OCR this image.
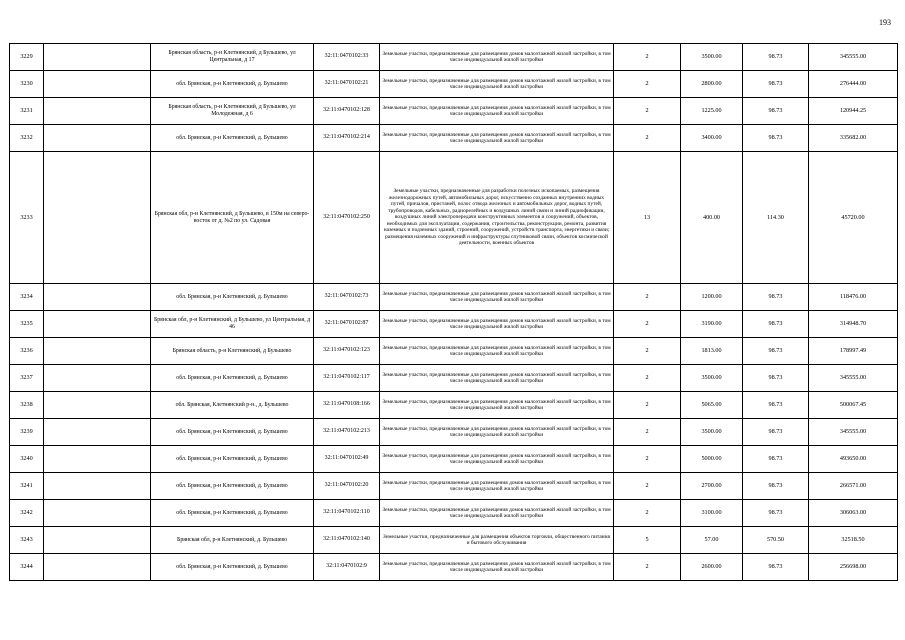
193
3229		Брянская область, р-н Клетнянский, д Бульшево, ул Центральная, д 17	32:11:0470102:33	Земельные участки, предназначенные для размещения домов малоэтажной жилой застройки, в том числе индивидуальной жилой застройки	2	3500.00	98.73	345555.00
3230		обл. Брянская, р-н Клетнянский, д. Бульшево	32:11:0470102:21	Земельные участки, предназначенные для размещения домов малоэтажной жилой застройки, в том числе индивидуальной жилой застройки	2	2800.00	98.73	276444.00
3231		Брянская область, р-н Клетнянский, д Бульшево, ул Молодежная, д 6	32:11:0470102:128	Земельные участки, предназначенные для размещения домов малоэтажной жилой застройки, в том числе индивидуальной жилой застройки	2	1225.00	98.73	120944.25
3232		обл. Брянская, р-н Клетнянский, д. Бульшево	32:11:0470102:214	Земельные участки, предназначенные для размещения домов малоэтажной жилой застройки, в том числе индивидуальной жилой застройки	2	3400.00	98.73	335682.00
3233		Брянская обл, р-н Клетнянский, д Бульшево, в 150м на северо-восток от д. №2 по ул. Садовая	32:11:0470102:250	Земельные участки, предназначенные для разработки полезных ископаемых, размещения железнодорожных путей, автомобильных дорог, искусственно созданных внутренних водных путей, причалов, пристаней, полос отвода железных и автомобильных дорог, водных путей, трубопроводов, кабельных, радиорелейных и воздушных линий связи и линий радиофикации, воздушных линий электропередачи конструктивных элементов и сооружений, объектов, необходимых для эксплуатации, содержания, строительства, реконструкции, ремонта, развития наземных и подземных зданий, строений, сооружений, устройств транспорта, энергетики и связи; размещения наземных сооружений и инфраструктуры спутниковой связи, объектов космической деятельности, военных объектов	13	400.00	114.30	45720.00
3234		обл. Брянская, р-н Клетнянский, д. Бульшево	32:11:0470102:73	Земельные участки, предназначенные для размещения домов малоэтажной жилой застройки, в том числе индивидуальной жилой застройки	2	1200.00	98.73	118476.00
3235		Брянская обл, р-н Клетнянский, д Бульшево, ул Центральная, д 46	32:11:0470102:87	Земельные участки, предназначенные для размещения домов малоэтажной жилой застройки, в том числе индивидуальной жилой застройки	2	3190.00	98.73	314948.70
3236		Брянская область, р-н Клетнянский, д Бульшево	32:11:0470102:123	Земельные участки, предназначенные для размещения домов малоэтажной жилой застройки, в том числе индивидуальной жилой застройки	2	1813.00	98.73	178997.49
3237		обл. Брянская, р-н Клетнянский, д. Бульшево	32:11:0470102:117	Земельные участки, предназначенные для размещения домов малоэтажной жилой застройки, в том числе индивидуальной жилой застройки	2	3500.00	98.73	345555.00
3238		обл. Брянская, Клетнянский р-н., д. Бульшево	32:11:0470108:166	Земельные участки, предназначенные для размещения домов малоэтажной жилой застройки, в том числе индивидуальной жилой застройки	2	5065.00	98.73	500067.45
3239		обл. Брянская, р-н Клетнянский, д. Бульшево	32:11:0470102:213	Земельные участки, предназначенные для размещения домов малоэтажной жилой застройки, в том числе индивидуальной жилой застройки	2	3500.00	98.73	345555.00
3240		обл. Брянская, р-н Клетнянский, д. Бульшево	32:11:0470102:49	Земельные участки, предназначенные для размещения домов малоэтажной жилой застройки, в том числе индивидуальной жилой застройки	2	5000.00	98.73	493650.00
3241		обл. Брянская, р-н Клетнянский, д. Бульшево	32:11:0470102:20	Земельные участки, предназначенные для размещения домов малоэтажной жилой застройки, в том числе индивидуальной жилой застройки	2	2700.00	98.73	266571.00
3242		обл. Брянская, р-н Клетнянский, д. Бульшево	32:11:0470102:110	Земельные участки, предназначенные для размещения домов малоэтажной жилой застройки, в том числе индивидуальной жилой застройки	2	3100.00	98.73	306063.00
3243		Брянская обл, р-н Клетнянский, д. Бульшево	32:11:0470102:140	Земельные участки, предназначенные для размещения объектов торговли, общественного питания и бытового обслуживания	5	57.00	570.50	32518.50
3244		обл. Брянская, р-н Клетнянский, д. Бульшево	32:11:0470102:9	Земельные участки, предназначенные для размещения домов малоэтажной жилой застройки, в том числе индивидуальной жилой застройки	2	2600.00	98.73	256698.00
